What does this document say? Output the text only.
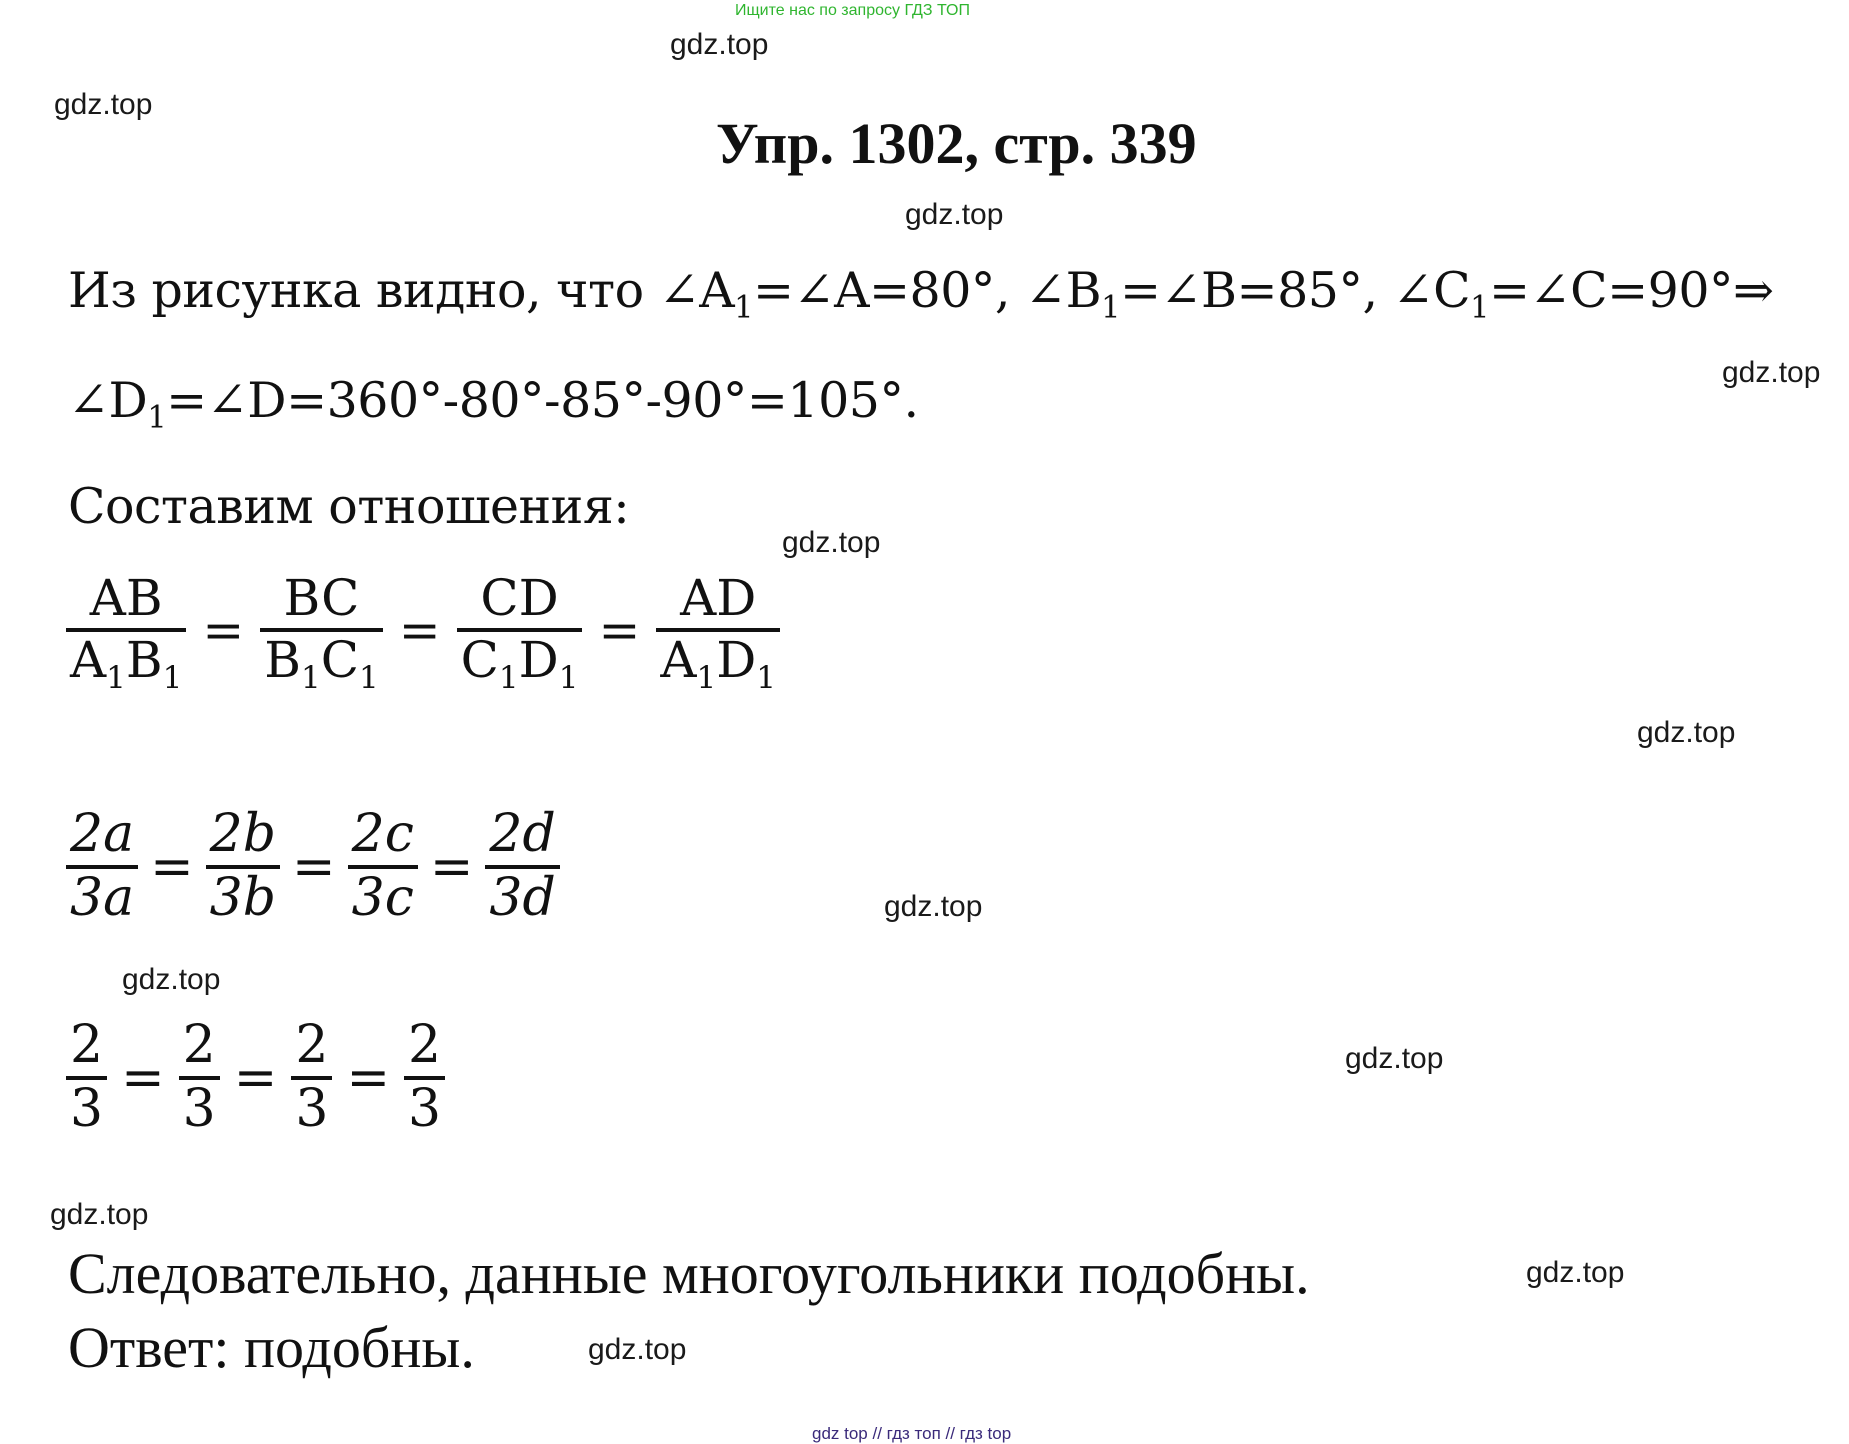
Ищите нас по запросу ГДЗ ТОП
gdz.top
gdz.top
gdz.top
gdz.top
gdz.top
gdz.top
gdz.top
gdz.top
gdz.top
gdz.top
gdz.top
gdz.top
Упр. 1302, стр. 339
Из рисунка видно, что $\angle A_1=\angle A=80^\circ$, $\angle B_1=\angle B=85^\circ$, $\angle C_1=\angle C=90^\circ\Rightarrow$
$\angle D_1=\angle D=360^\circ-80^\circ-85^\circ-90^\circ=105^\circ$.
Составим отношения:
$\frac{AB}{A_1B_1} = \frac{BC}{B_1C_1} = \frac{CD}{C_1D_1} = \frac{AD}{A_1D_1}$
$\frac{2a}{3a} = \frac{2b}{3b} = \frac{2c}{3c} = \frac{2d}{3d}$
$\frac{2}{3} = \frac{2}{3} = \frac{2}{3} = \frac{2}{3}$
Следовательно, данные многоугольники подобны.
Ответ: подобны.
gdz top // гдз топ // гдз top
